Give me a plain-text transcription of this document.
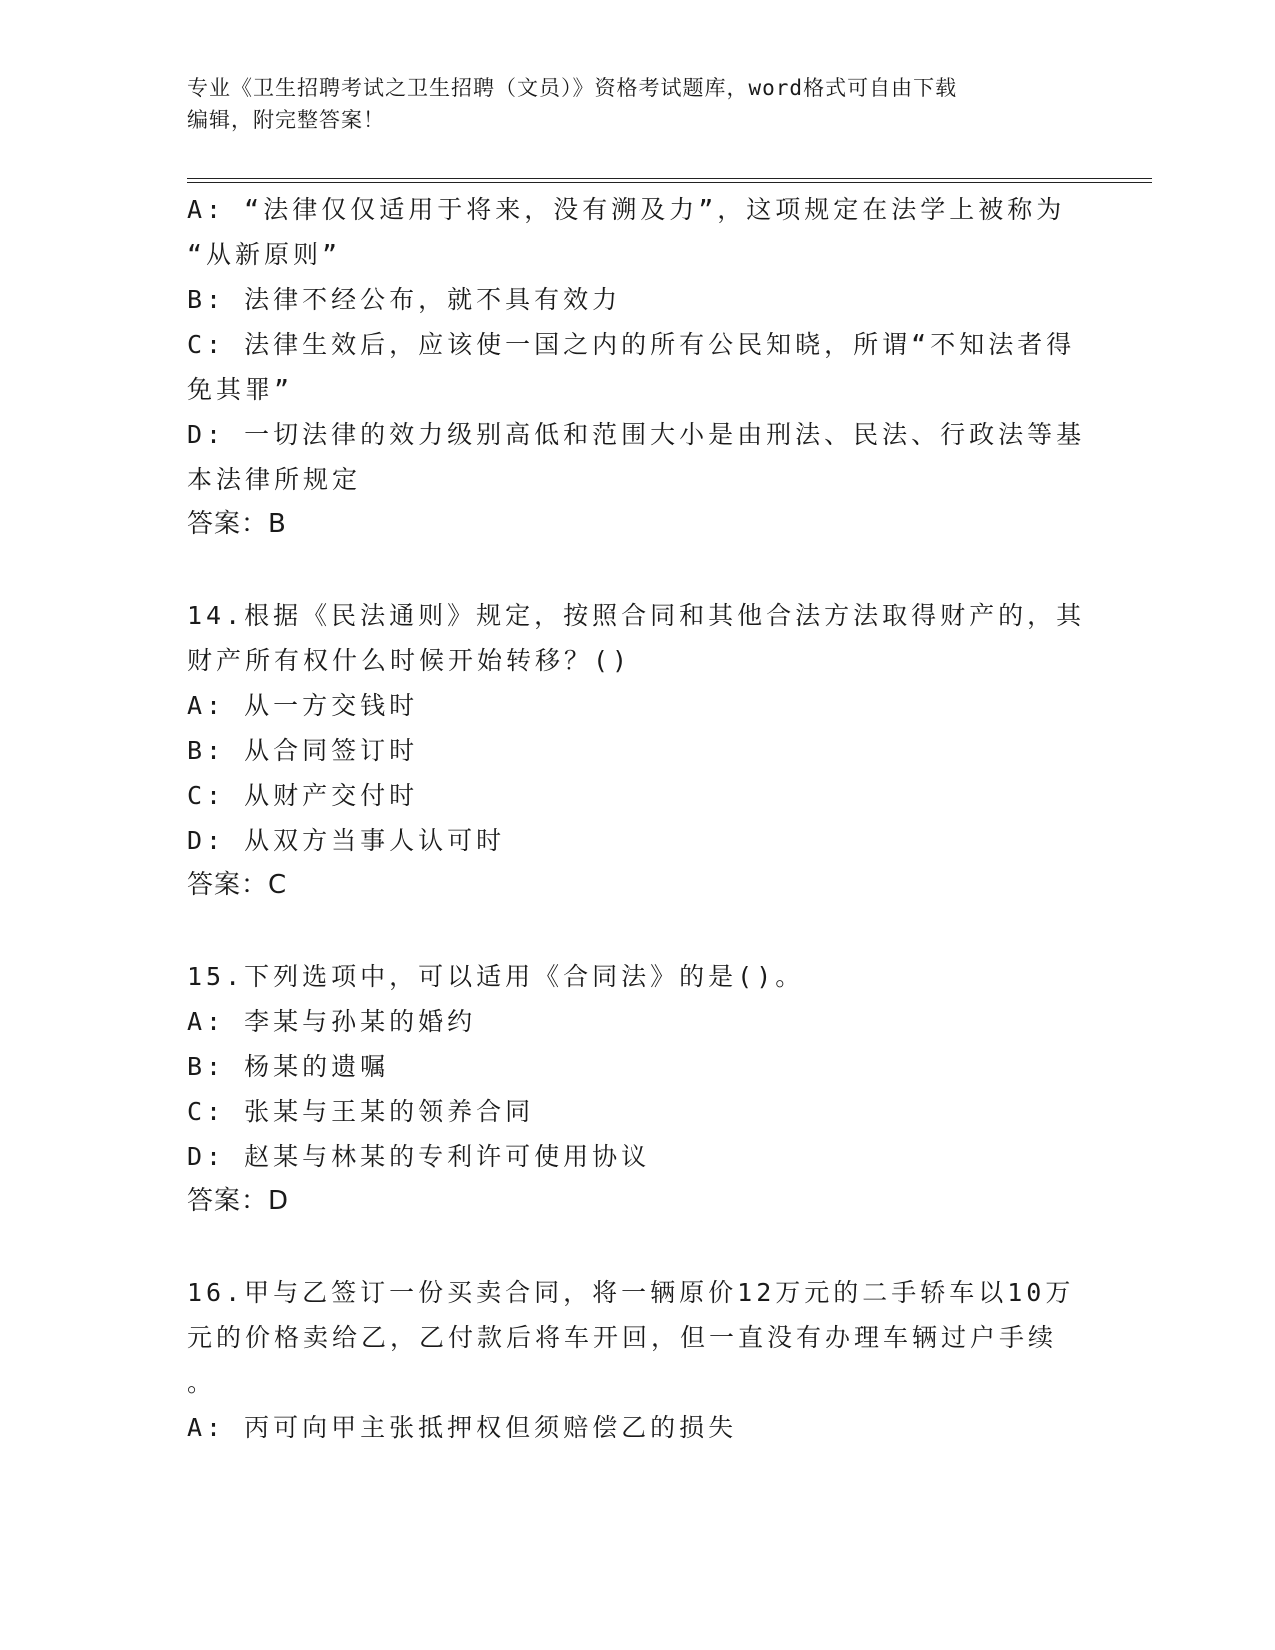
专业《卫生招聘考试之卫生招聘（文员）》资格考试题库，word格式可自由下载
编辑，附完整答案！
A: “法律仅仅适用于将来，没有溯及力”，这项规定在法学上被称为
“从新原则”
B: 法律不经公布，就不具有效力
C: 法律生效后，应该使一国之内的所有公民知晓，所谓“不知法者得
免其罪”
D: 一切法律的效力级别高低和范围大小是由刑法、民法、行政法等基
本法律所规定
答案：B
14.根据《民法通则》规定，按照合同和其他合法方法取得财产的，其
财产所有权什么时候开始转移？()
A: 从一方交钱时
B: 从合同签订时
C: 从财产交付时
D: 从双方当事人认可时
答案：C
15.下列选项中，可以适用《合同法》的是()。
A: 李某与孙某的婚约
B: 杨某的遗嘱
C: 张某与王某的领养合同
D: 赵某与林某的专利许可使用协议
答案：D
16.甲与乙签订一份买卖合同，将一辆原价12万元的二手轿车以10万
元的价格卖给乙，乙付款后将车开回，但一直没有办理车辆过户手续
。
A: 丙可向甲主张抵押权但须赔偿乙的损失
